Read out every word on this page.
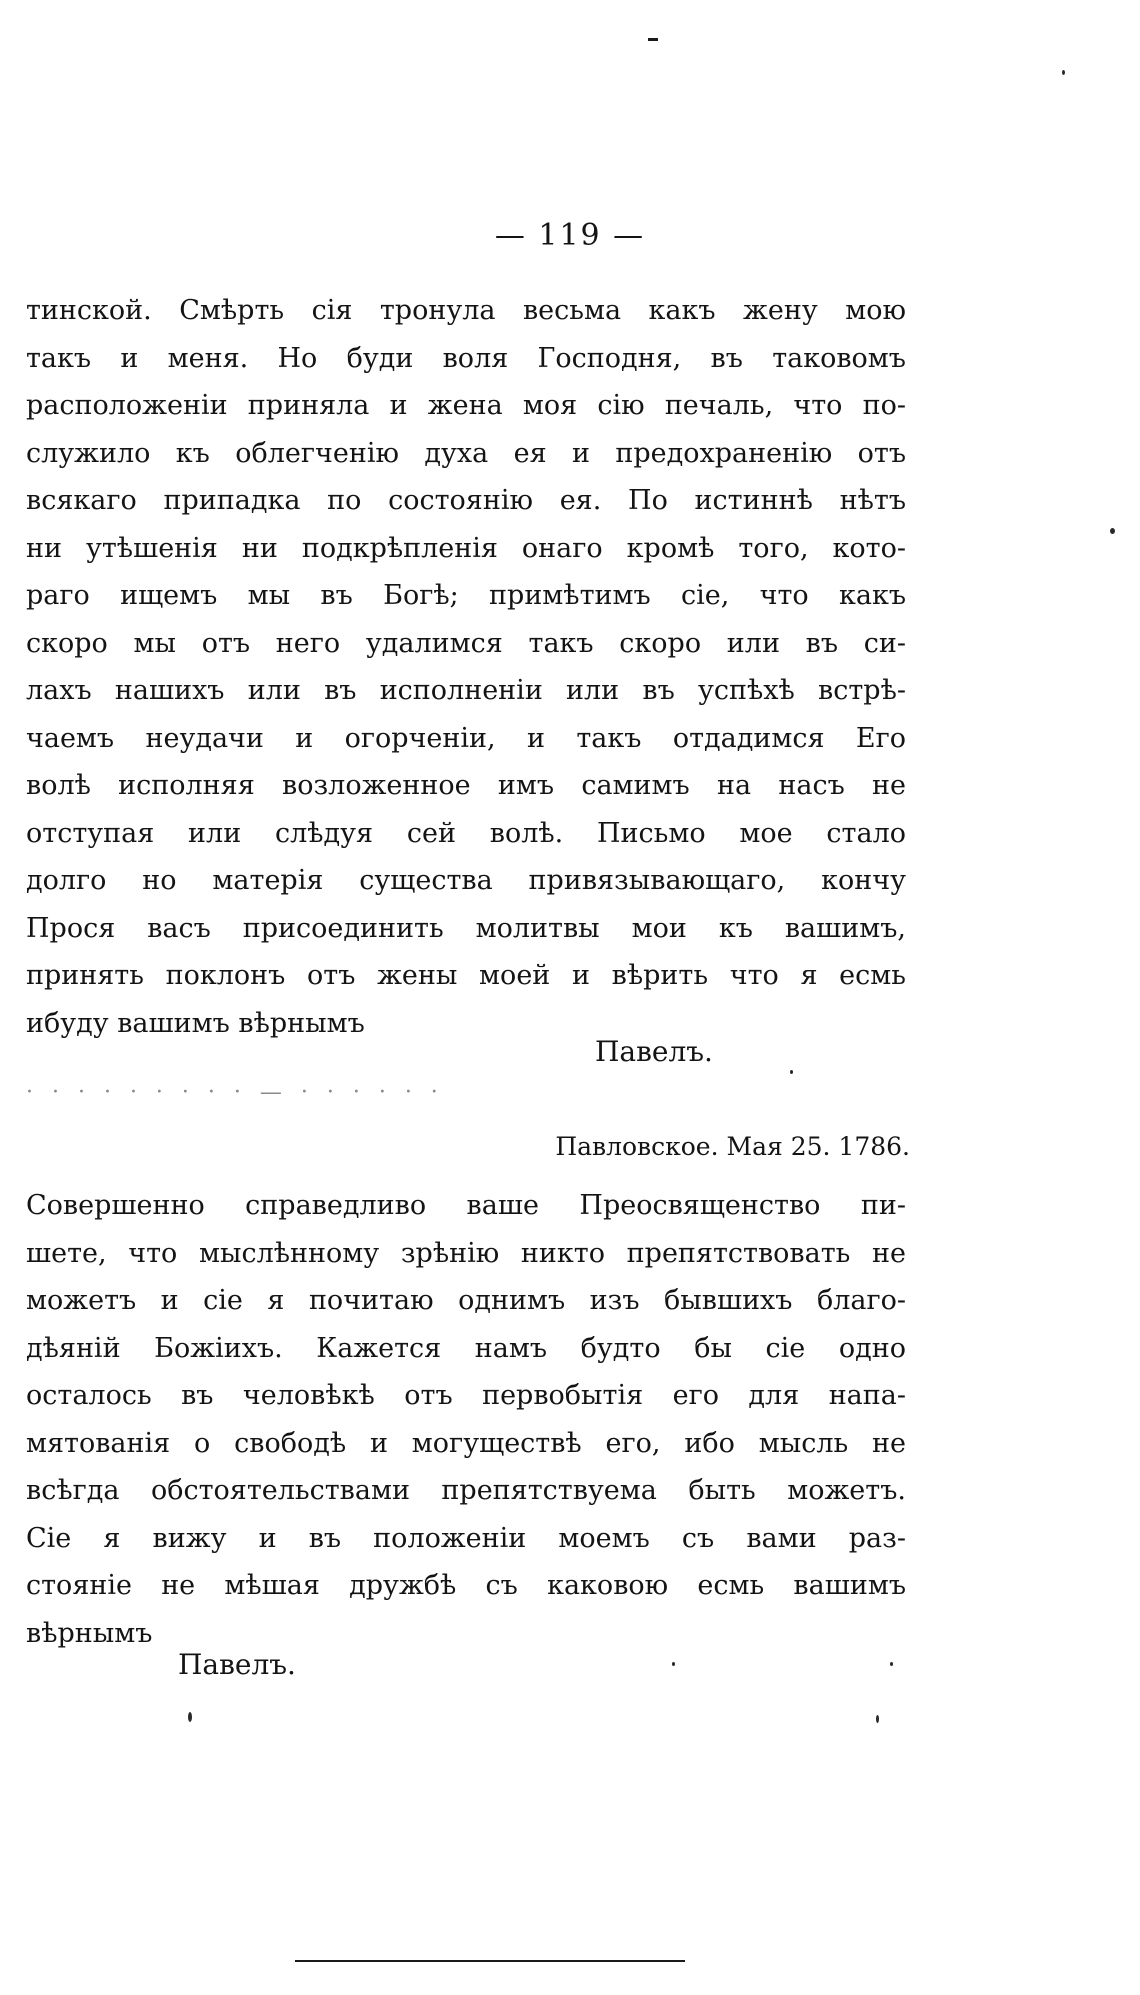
— 119 —
тинской. Смѣрть сія тронула весьма какъ жену мою
такъ и меня. Но буди воля Господня, въ таковомъ
расположеніи приняла и жена моя сію печаль, что по-
служило къ облегченію духа ея и предохраненію отъ
всякаго припадка по состоянію ея. По истиннѣ нѣтъ
ни утѣшенія ни подкрѣпленія онаго кромѣ того, кото-
раго ищемъ мы въ Богѣ; примѣтимъ сіе, что какъ
скоро мы отъ него удалимся такъ скоро или въ си-
лахъ нашихъ или въ исполненіи или въ успѣхѣ встрѣ-
чаемъ неудачи и огорченіи, и такъ отдадимся Его
волѣ исполняя возложенное имъ самимъ на насъ не
отступая или слѣдуя сей волѣ. Письмо мое стало
долго но матерія существа привязывающаго, кончу
Прося васъ присоединить молитвы мои къ вашимъ,
принять поклонъ отъ жены моей и вѣрить что я есмь
ибуду вашимъ вѣрнымъ
Павелъ.
· · · · · · · · · — · · · · · ·
Павловское. Мая 25. 1786.
Совершенно справедливо ваше Преосвященство пи-
шете, что мыслѣнному зрѣнію никто препятствовать не
можетъ и сіе я почитаю однимъ изъ бывшихъ благо-
дѣяній Божіихъ. Кажется намъ будто бы сіе одно
осталось въ человѣкѣ отъ первобытія его для напа-
мятованія о свободѣ и могуществѣ его, ибо мысль не
всѣгда обстоятельствами препятствуема быть можетъ.
Сіе я вижу и въ положеніи моемъ съ вами раз-
стояніе не мѣшая дружбѣ съ каковою есмь вашимъ
вѣрнымъ
Павелъ.
